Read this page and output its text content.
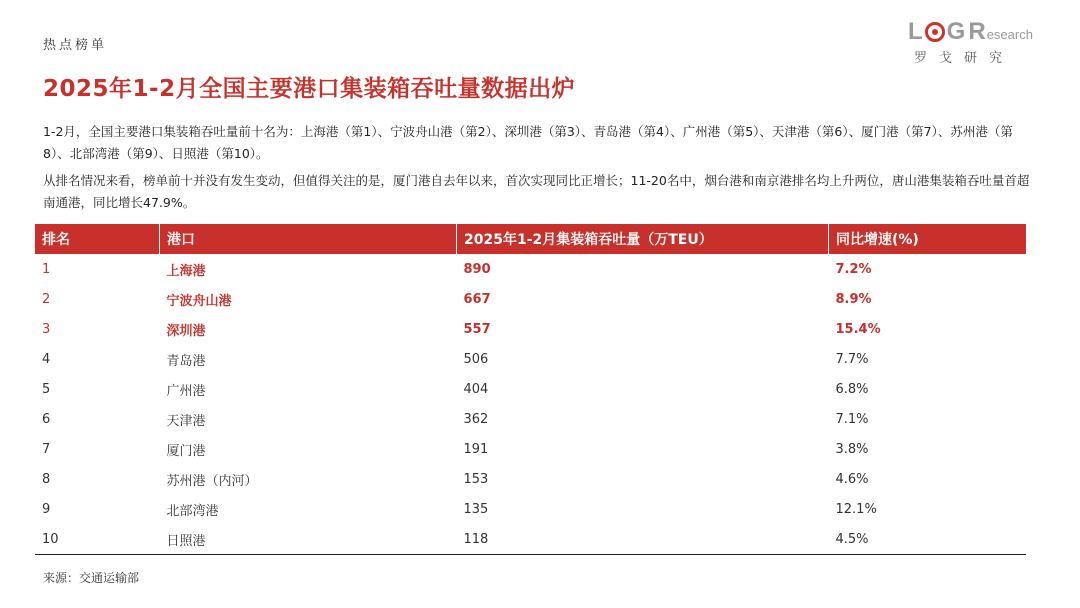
热点榜单
L G R esearch
罗戈研究
2025年1-2月全国主要港口集装箱吞吐量数据出炉
1-2月，全国主要港口集装箱吞吐量前十名为：上海港（第1）、宁波舟山港（第2）、深圳港（第3）、青岛港（第4）、广州港（第5）、天津港（第6）、厦门港（第7）、苏州港（第8）、北部湾港（第9）、日照港（第10）。
从排名情况来看，榜单前十并没有发生变动，但值得关注的是，厦门港自去年以来，首次实现同比正增长；11-20名中，烟台港和南京港排名均上升两位，唐山港集装箱吞吐量首超南通港，同比增长47.9%。
排名	港口	2025年1-2月集装箱吞吐量（万TEU）	同比增速(%)
1	上海港	890	7.2%
2	宁波舟山港	667	8.9%
3	深圳港	557	15.4%
4	青岛港	506	7.7%
5	广州港	404	6.8%
6	天津港	362	7.1%
7	厦门港	191	3.8%
8	苏州港（内河）	153	4.6%
9	北部湾港	135	12.1%
10	日照港	118	4.5%
来源：交通运输部
